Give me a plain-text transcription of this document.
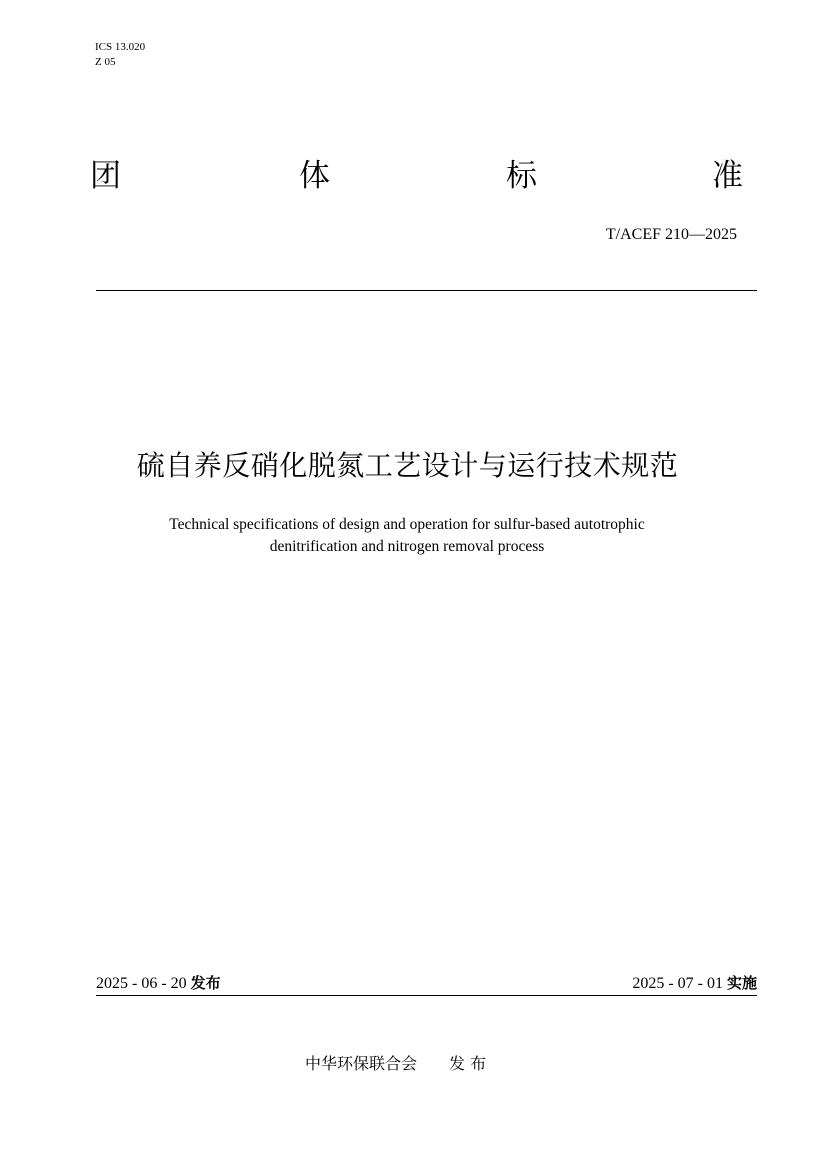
ICS 13.020
Z 05
团	体	标	准
T/ACEF 210—2025
硫自养反硝化脱氮工艺设计与运行技术规范
Technical specifications of design and operation for sulfur-based autotrophic
denitrification and nitrogen removal process
2025 - 06 - 20 发布	2025 - 07 - 01 实施
中华环保联合会 发 布
